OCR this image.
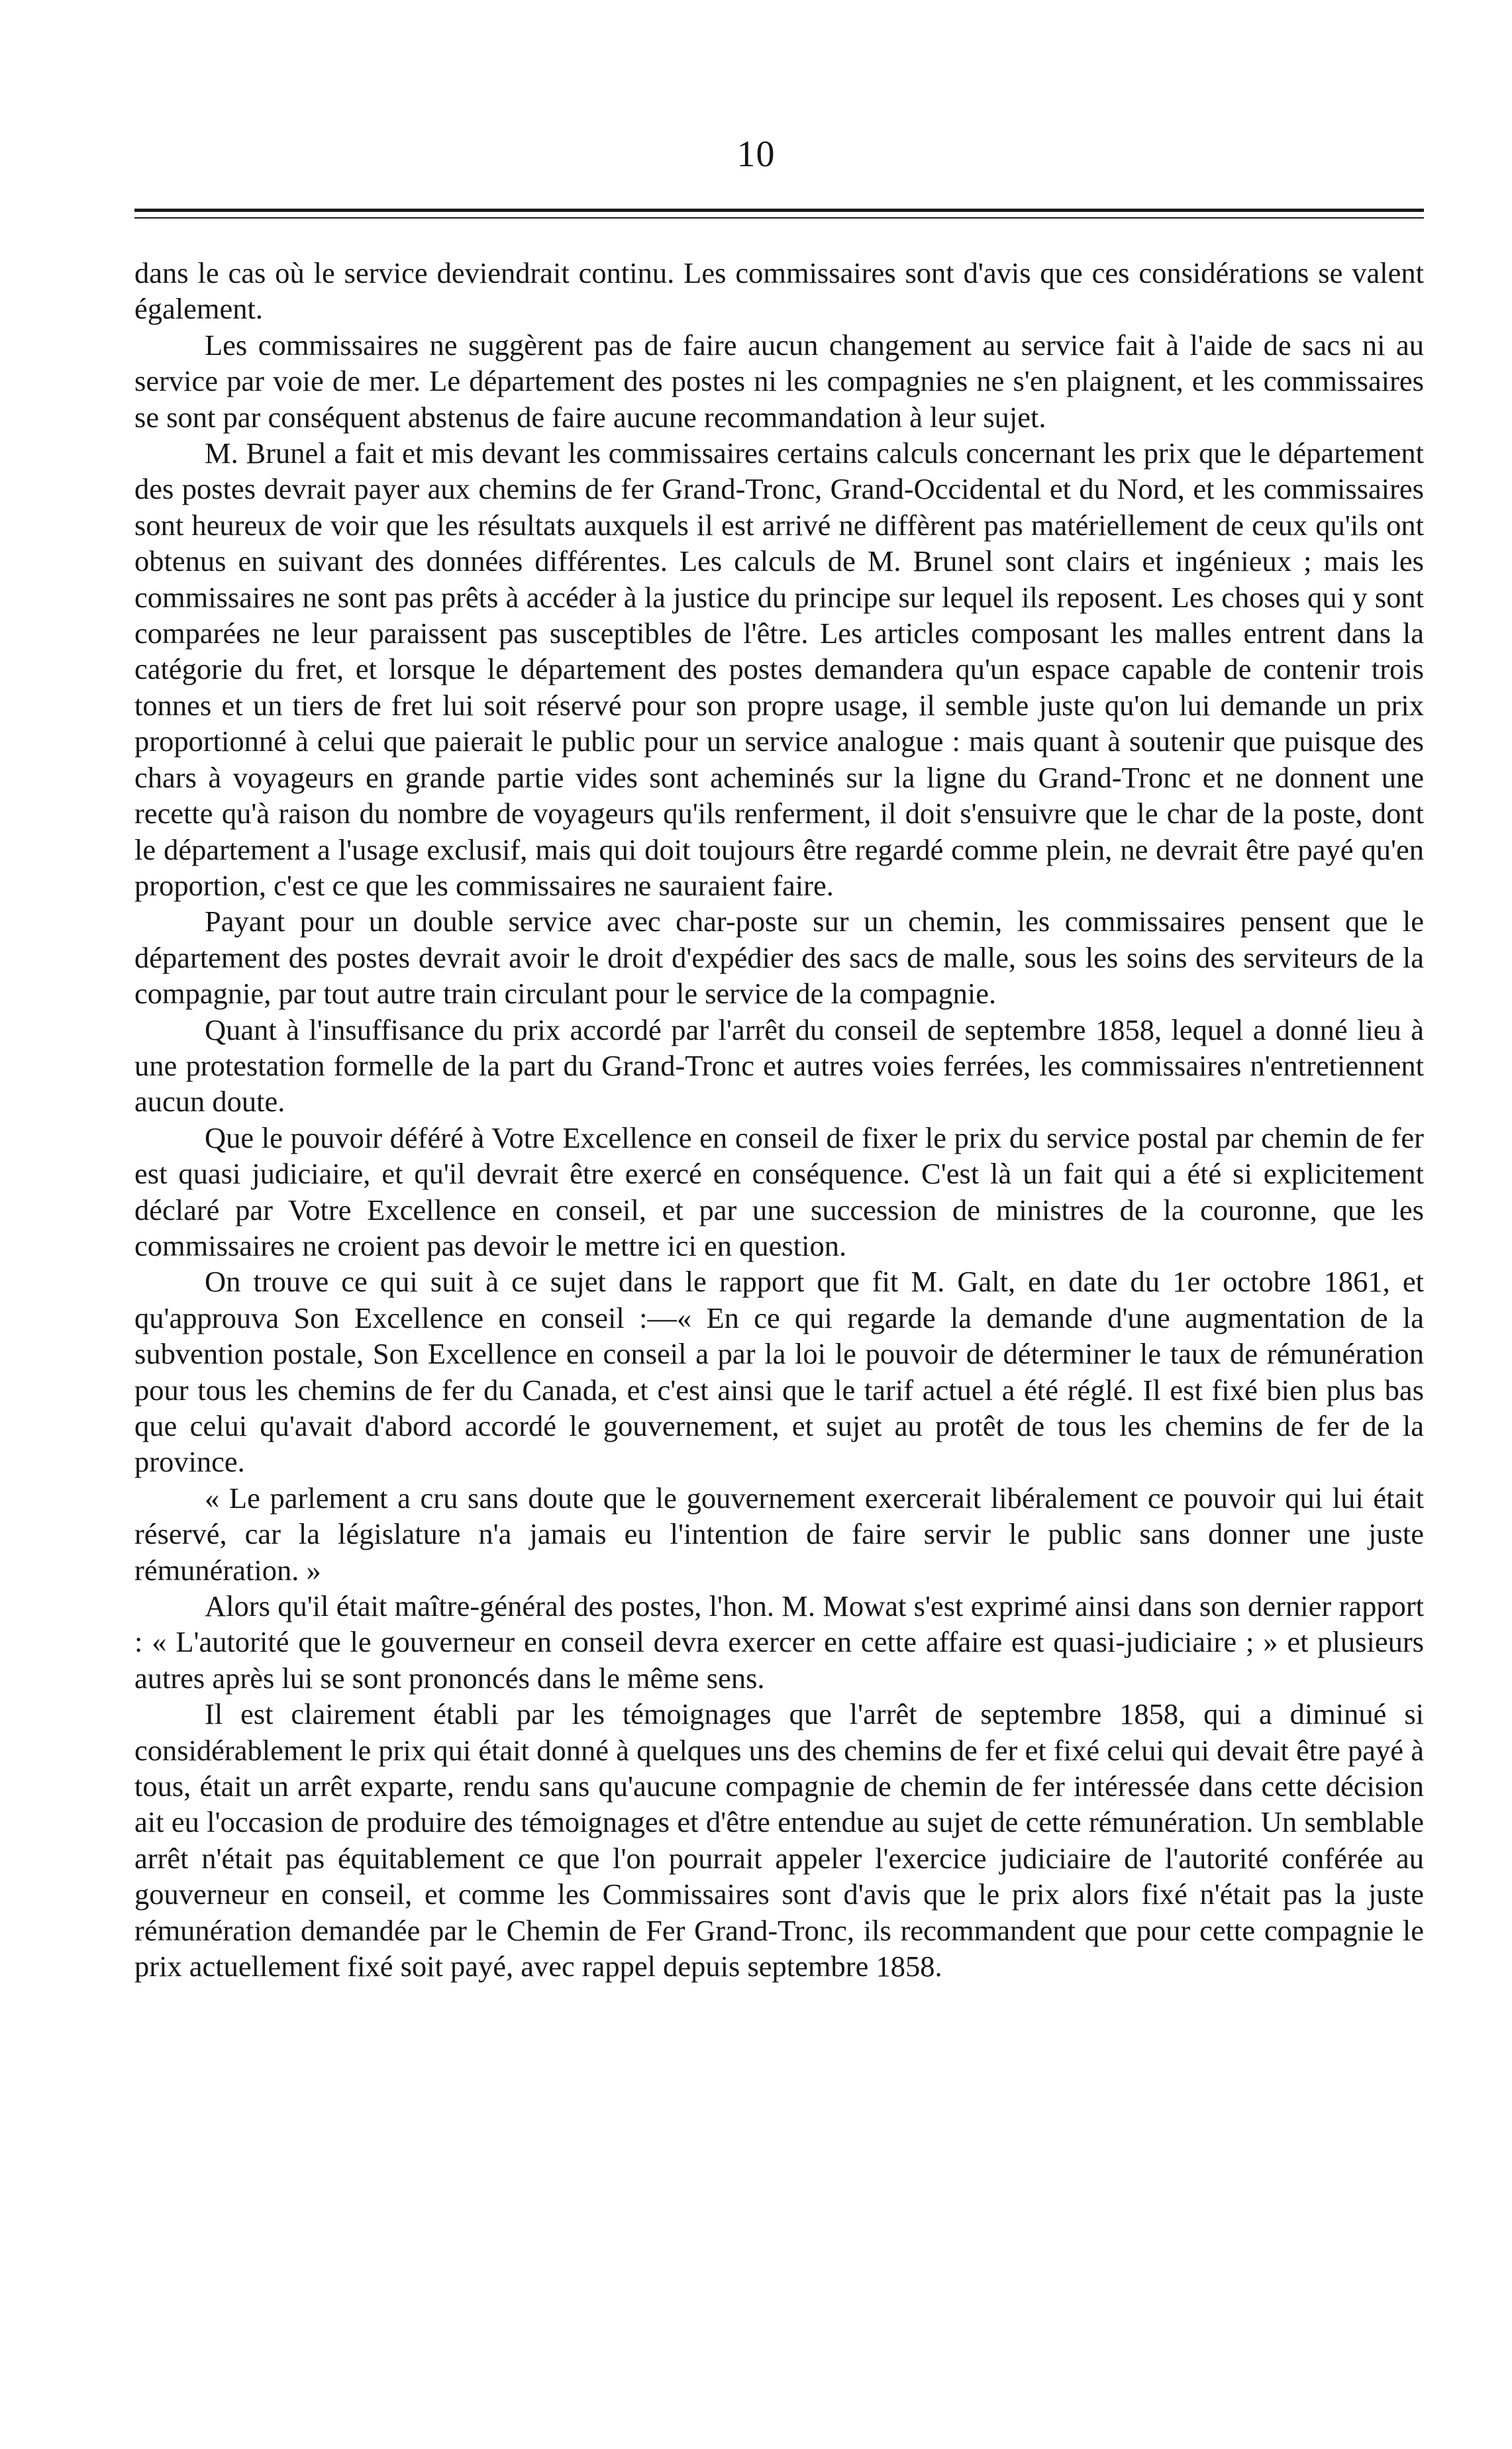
10

dans le cas où le service deviendrait continu. Les commissaires sont d'avis que ces considérations se valent également.

Les commissaires ne suggèrent pas de faire aucun changement au service fait à l'aide de sacs ni au service par voie de mer. Le département des postes ni les compagnies ne s'en plaignent, et les commissaires se sont par conséquent abstenus de faire aucune recommandation à leur sujet.

M. Brunel a fait et mis devant les commissaires certains calculs concernant les prix que le département des postes devrait payer aux chemins de fer Grand-Tronc, Grand-Occidental et du Nord, et les commissaires sont heureux de voir que les résultats auxquels il est arrivé ne diffèrent pas matériellement de ceux qu'ils ont obtenus en suivant des données différentes. Les calculs de M. Brunel sont clairs et ingénieux ; mais les commissaires ne sont pas prêts à accéder à la justice du principe sur lequel ils reposent. Les choses qui y sont comparées ne leur paraissent pas susceptibles de l'être. Les articles composant les malles entrent dans la catégorie du fret, et lorsque le département des postes demandera qu'un espace capable de contenir trois tonnes et un tiers de fret lui soit réservé pour son propre usage, il semble juste qu'on lui demande un prix proportionné à celui que paierait le public pour un service analogue : mais quant à soutenir que puisque des chars à voyageurs en grande partie vides sont acheminés sur la ligne du Grand-Tronc et ne donnent une recette qu'à raison du nombre de voyageurs qu'ils renferment, il doit s'ensuivre que le char de la poste, dont le département a l'usage exclusif, mais qui doit toujours être regardé comme plein, ne devrait être payé qu'en proportion, c'est ce que les commissaires ne sauraient faire.

Payant pour un double service avec char-poste sur un chemin, les commissaires pensent que le département des postes devrait avoir le droit d'expédier des sacs de malle, sous les soins des serviteurs de la compagnie, par tout autre train circulant pour le service de la compagnie.

Quant à l'insuffisance du prix accordé par l'arrêt du conseil de septembre 1858, lequel a donné lieu à une protestation formelle de la part du Grand-Tronc et autres voies ferrées, les commissaires n'entretiennent aucun doute.

Que le pouvoir déféré à Votre Excellence en conseil de fixer le prix du service postal par chemin de fer est quasi judiciaire, et qu'il devrait être exercé en conséquence. C'est là un fait qui a été si explicitement déclaré par Votre Excellence en conseil, et par une succession de ministres de la couronne, que les commissaires ne croient pas devoir le mettre ici en question.

On trouve ce qui suit à ce sujet dans le rapport que fit M. Galt, en date du 1er octobre 1861, et qu'approuva Son Excellence en conseil :—« En ce qui regarde la demande d'une augmentation de la subvention postale, Son Excellence en conseil a par la loi le pouvoir de déterminer le taux de rémunération pour tous les chemins de fer du Canada, et c'est ainsi que le tarif actuel a été réglé. Il est fixé bien plus bas que celui qu'avait d'abord accordé le gouvernement, et sujet au protêt de tous les chemins de fer de la province.

« Le parlement a cru sans doute que le gouvernement exercerait libéralement ce pouvoir qui lui était réservé, car la législature n'a jamais eu l'intention de faire servir le public sans donner une juste rémunération. »

Alors qu'il était maître-général des postes, l'hon. M. Mowat s'est exprimé ainsi dans son dernier rapport : « L'autorité que le gouverneur en conseil devra exercer en cette affaire est quasi-judiciaire ; » et plusieurs autres après lui se sont prononcés dans le même sens.

Il est clairement établi par les témoignages que l'arrêt de septembre 1858, qui a diminué si considérablement le prix qui était donné à quelques uns des chemins de fer et fixé celui qui devait être payé à tous, était un arrêt exparte, rendu sans qu'aucune compagnie de chemin de fer intéressée dans cette décision ait eu l'occasion de produire des témoignages et d'être entendue au sujet de cette rémunération. Un semblable arrêt n'était pas équitablement ce que l'on pourrait appeler l'exercice judiciaire de l'autorité conférée au gouverneur en conseil, et comme les Commissaires sont d'avis que le prix alors fixé n'était pas la juste rémunération demandée par le Chemin de Fer Grand-Tronc, ils recommandent que pour cette compagnie le prix actuellement fixé soit payé, avec rappel depuis septembre 1858.
